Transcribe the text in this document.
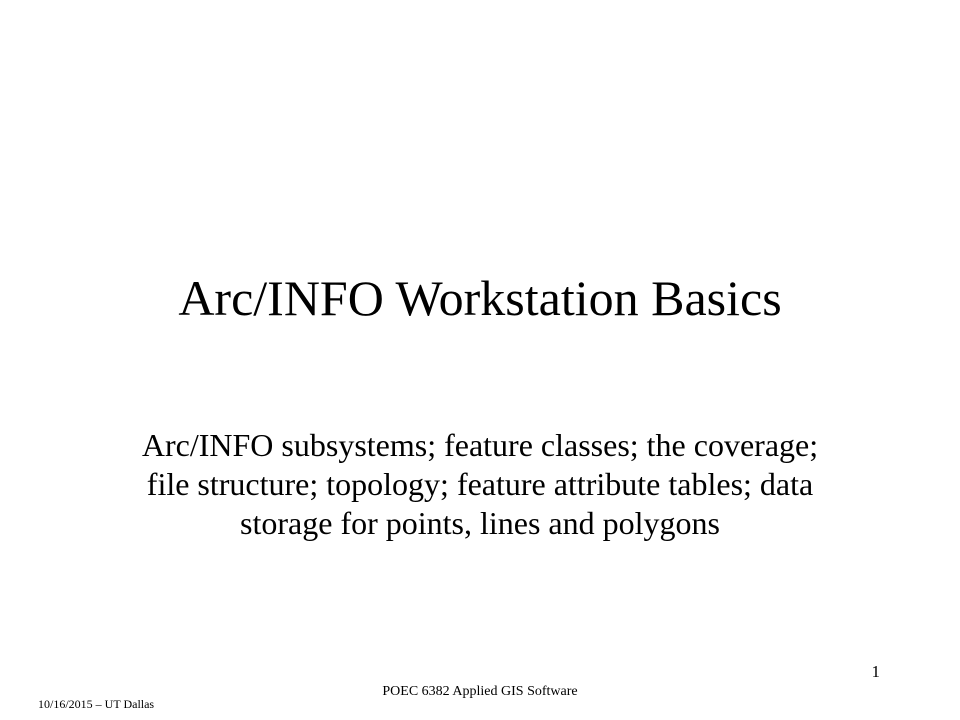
Arc/INFO Workstation Basics
Arc/INFO subsystems; feature classes; the coverage; file structure; topology; feature attribute tables; data storage for points, lines and polygons
1
POEC 6382 Applied GIS Software
10/16/2015 – UT Dallas
